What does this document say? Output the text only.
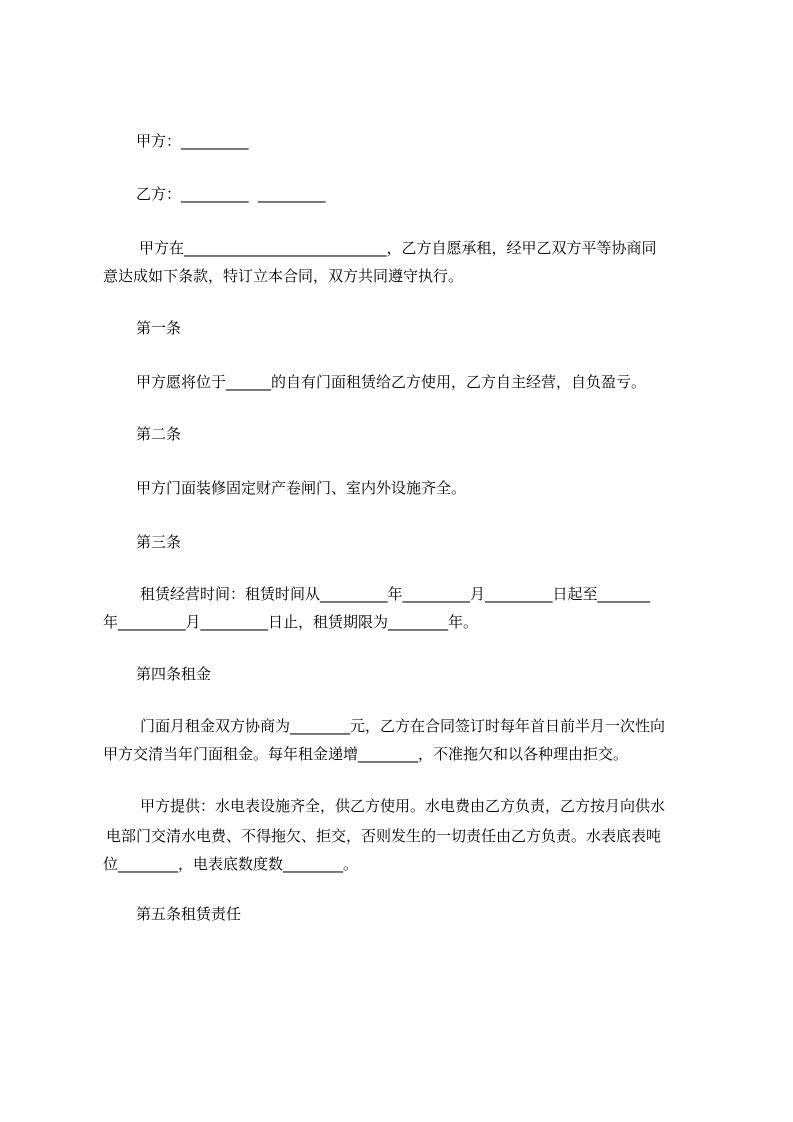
甲方：_________
乙方：_________  _________
甲方在___________________________，乙方自愿承租，经甲乙双方平等协商同
意达成如下条款，特订立本合同，双方共同遵守执行。
第一条
甲方愿将位于______的自有门面租赁给乙方使用，乙方自主经营，自负盈亏。
第二条
甲方门面装修固定财产卷闸门、室内外设施齐全。
第三条
租赁经营时间：租赁时间从_________年_________月_________日起至_______
年_________月_________日止，租赁期限为________年。
第四条租金
门面月租金双方协商为________元，乙方在合同签订时每年首日前半月一次性向
甲方交清当年门面租金。每年租金递增________，不准拖欠和以各种理由拒交。
甲方提供：水电表设施齐全，供乙方使用。水电费由乙方负责，乙方按月向供水
电部门交清水电费、不得拖欠、拒交，否则发生的一切责任由乙方负责。水表底表吨
位________，电表底数度数________。
第五条租赁责任
